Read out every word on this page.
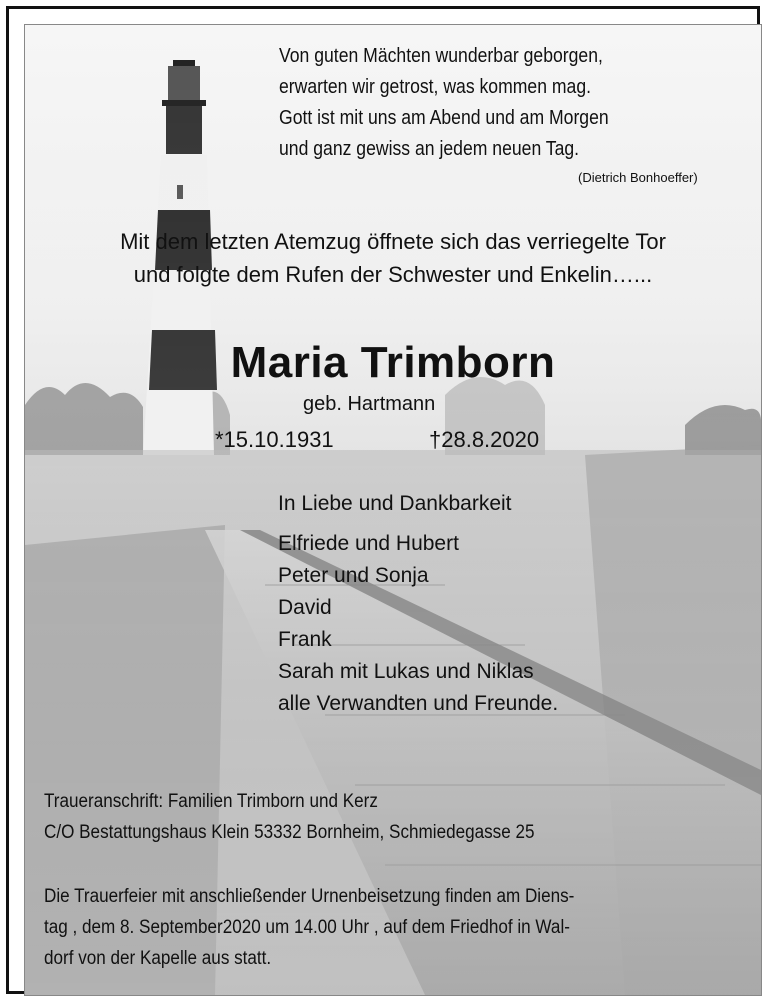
Von guten Mächten wunderbar geborgen,
erwarten wir getrost, was kommen mag.
Gott ist mit uns am Abend und am Morgen
und ganz gewiss an jedem neuen Tag.
(Dietrich Bonhoeffer)
Mit dem letzten Atemzug öffnete sich das verriegelte Tor
und folgte dem Rufen der Schwester und Enkelin…...
Maria Trimborn
geb. Hartmann
*15.10.1931	†28.8.2020
In Liebe und Dankbarkeit
Elfriede und Hubert
Peter und Sonja
David
Frank
Sarah mit Lukas und Niklas
alle Verwandten und Freunde.
Traueranschrift: Familien Trimborn und Kerz
C/O Bestattungshaus Klein 53332 Bornheim, Schmiedegasse 25
Die Trauerfeier mit anschließender Urnenbeisetzung finden am Diens-
tag , dem 8. September2020 um 14.00 Uhr , auf dem Friedhof in Wal-
dorf von der Kapelle aus statt.
